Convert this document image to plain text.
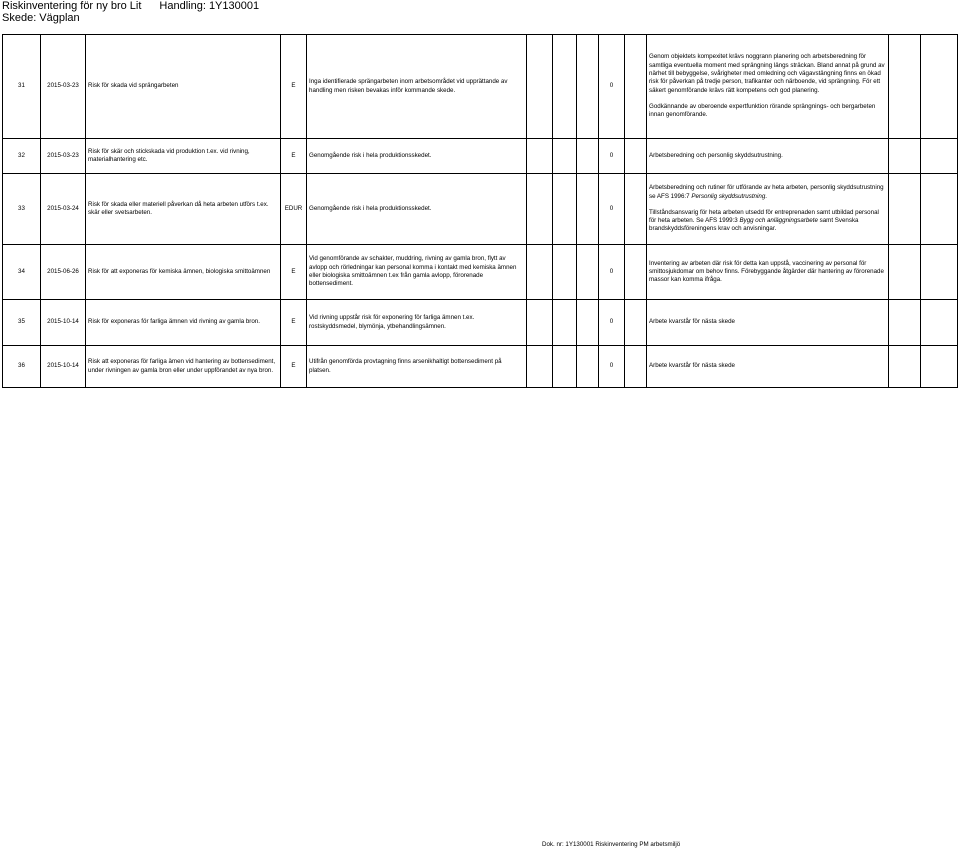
Riskinventering för ny bro Lit Handling: 1Y130001
Skede: Vägplan
31	2015-03-23	Risk för skada vid sprängarbeten	E	Inga identifierade sprängarbeten inom arbetsområdet vid upprättande av handling men risken bevakas inför kommande skede.				0		Genom objektets kompexitet krävs noggrann planering och arbetsberedning för samtliga eventuella moment med sprängning längs sträckan. Bland annat på grund av närhet till bebyggelse, svårigheter med omledning och vägavstängning finns en ökad risk för påverkan på tredje person, trafikanter och närboende, vid sprängning. För ett säkert genomförande krävs rätt kompetens och god planering.
Godkännande av oberoende expertfunktion rörande sprängnings- och bergarbeten innan genomförande.		
32	2015-03-23	Risk för skär och stickskada vid produktion t.ex. vid rivning, materialhantering etc.	E	Genomgående risk i hela produktionsskedet.				0		Arbetsberedning och personlig skyddsutrustning.		
33	2015-03-24	Risk för skada eller materiell påverkan då heta arbeten utförs t.ex. skär eller svetsarbeten.	EDUR	Genomgående risk i hela produktionsskedet.				0		Arbetsberedning och rutiner för utförande av heta arbeten, personlig skyddsutrustning se AFS 1996:7 Personlig skyddsutrustning.
Tillståndsansvarig för heta arbeten utsedd för entreprenaden samt utbildad personal för heta arbeten. Se AFS 1999:3 Bygg och anläggningsarbete samt Svenska brandskyddsföreningens krav och anvisningar.		
34	2015-06-26	Risk för att exponeras för kemiska ämnen, biologiska smittoämnen	E	Vid genomförande av schakter, muddring, rivning av gamla bron, flytt av avlopp och rörledningar kan personal komma i kontakt med kemiska ämnen eller biologiska smittoämnen t.ex från gamla avlopp, förorenade bottensediment.				0		Inventering av arbeten där risk för detta kan uppstå, vaccinering av personal för smittosjukdomar om behov finns. Förebyggande åtgärder där hantering av förorenade massor kan komma ifråga.		
35	2015-10-14	Risk för exponeras för farliga ämnen vid rivning av gamla bron.	E	Vid rivning uppstår risk för exponering för farliga ämnen t.ex. rostskyddsmedel, blymönja, ytbehandlingsämnen.				0		Arbete kvarstår för nästa skede		
36	2015-10-14	Risk att exponeras för farliga ämen vid hantering av bottensediment, under rivningen av gamla bron eller under uppförandet av nya bron.	E	Utifrån genomförda provtagning finns arsenikhaltigt bottensediment på platsen.				0		Arbete kvarstår för nästa skede		
Dok. nr: 1Y130001 Riskinventering PM arbetsmiljö
